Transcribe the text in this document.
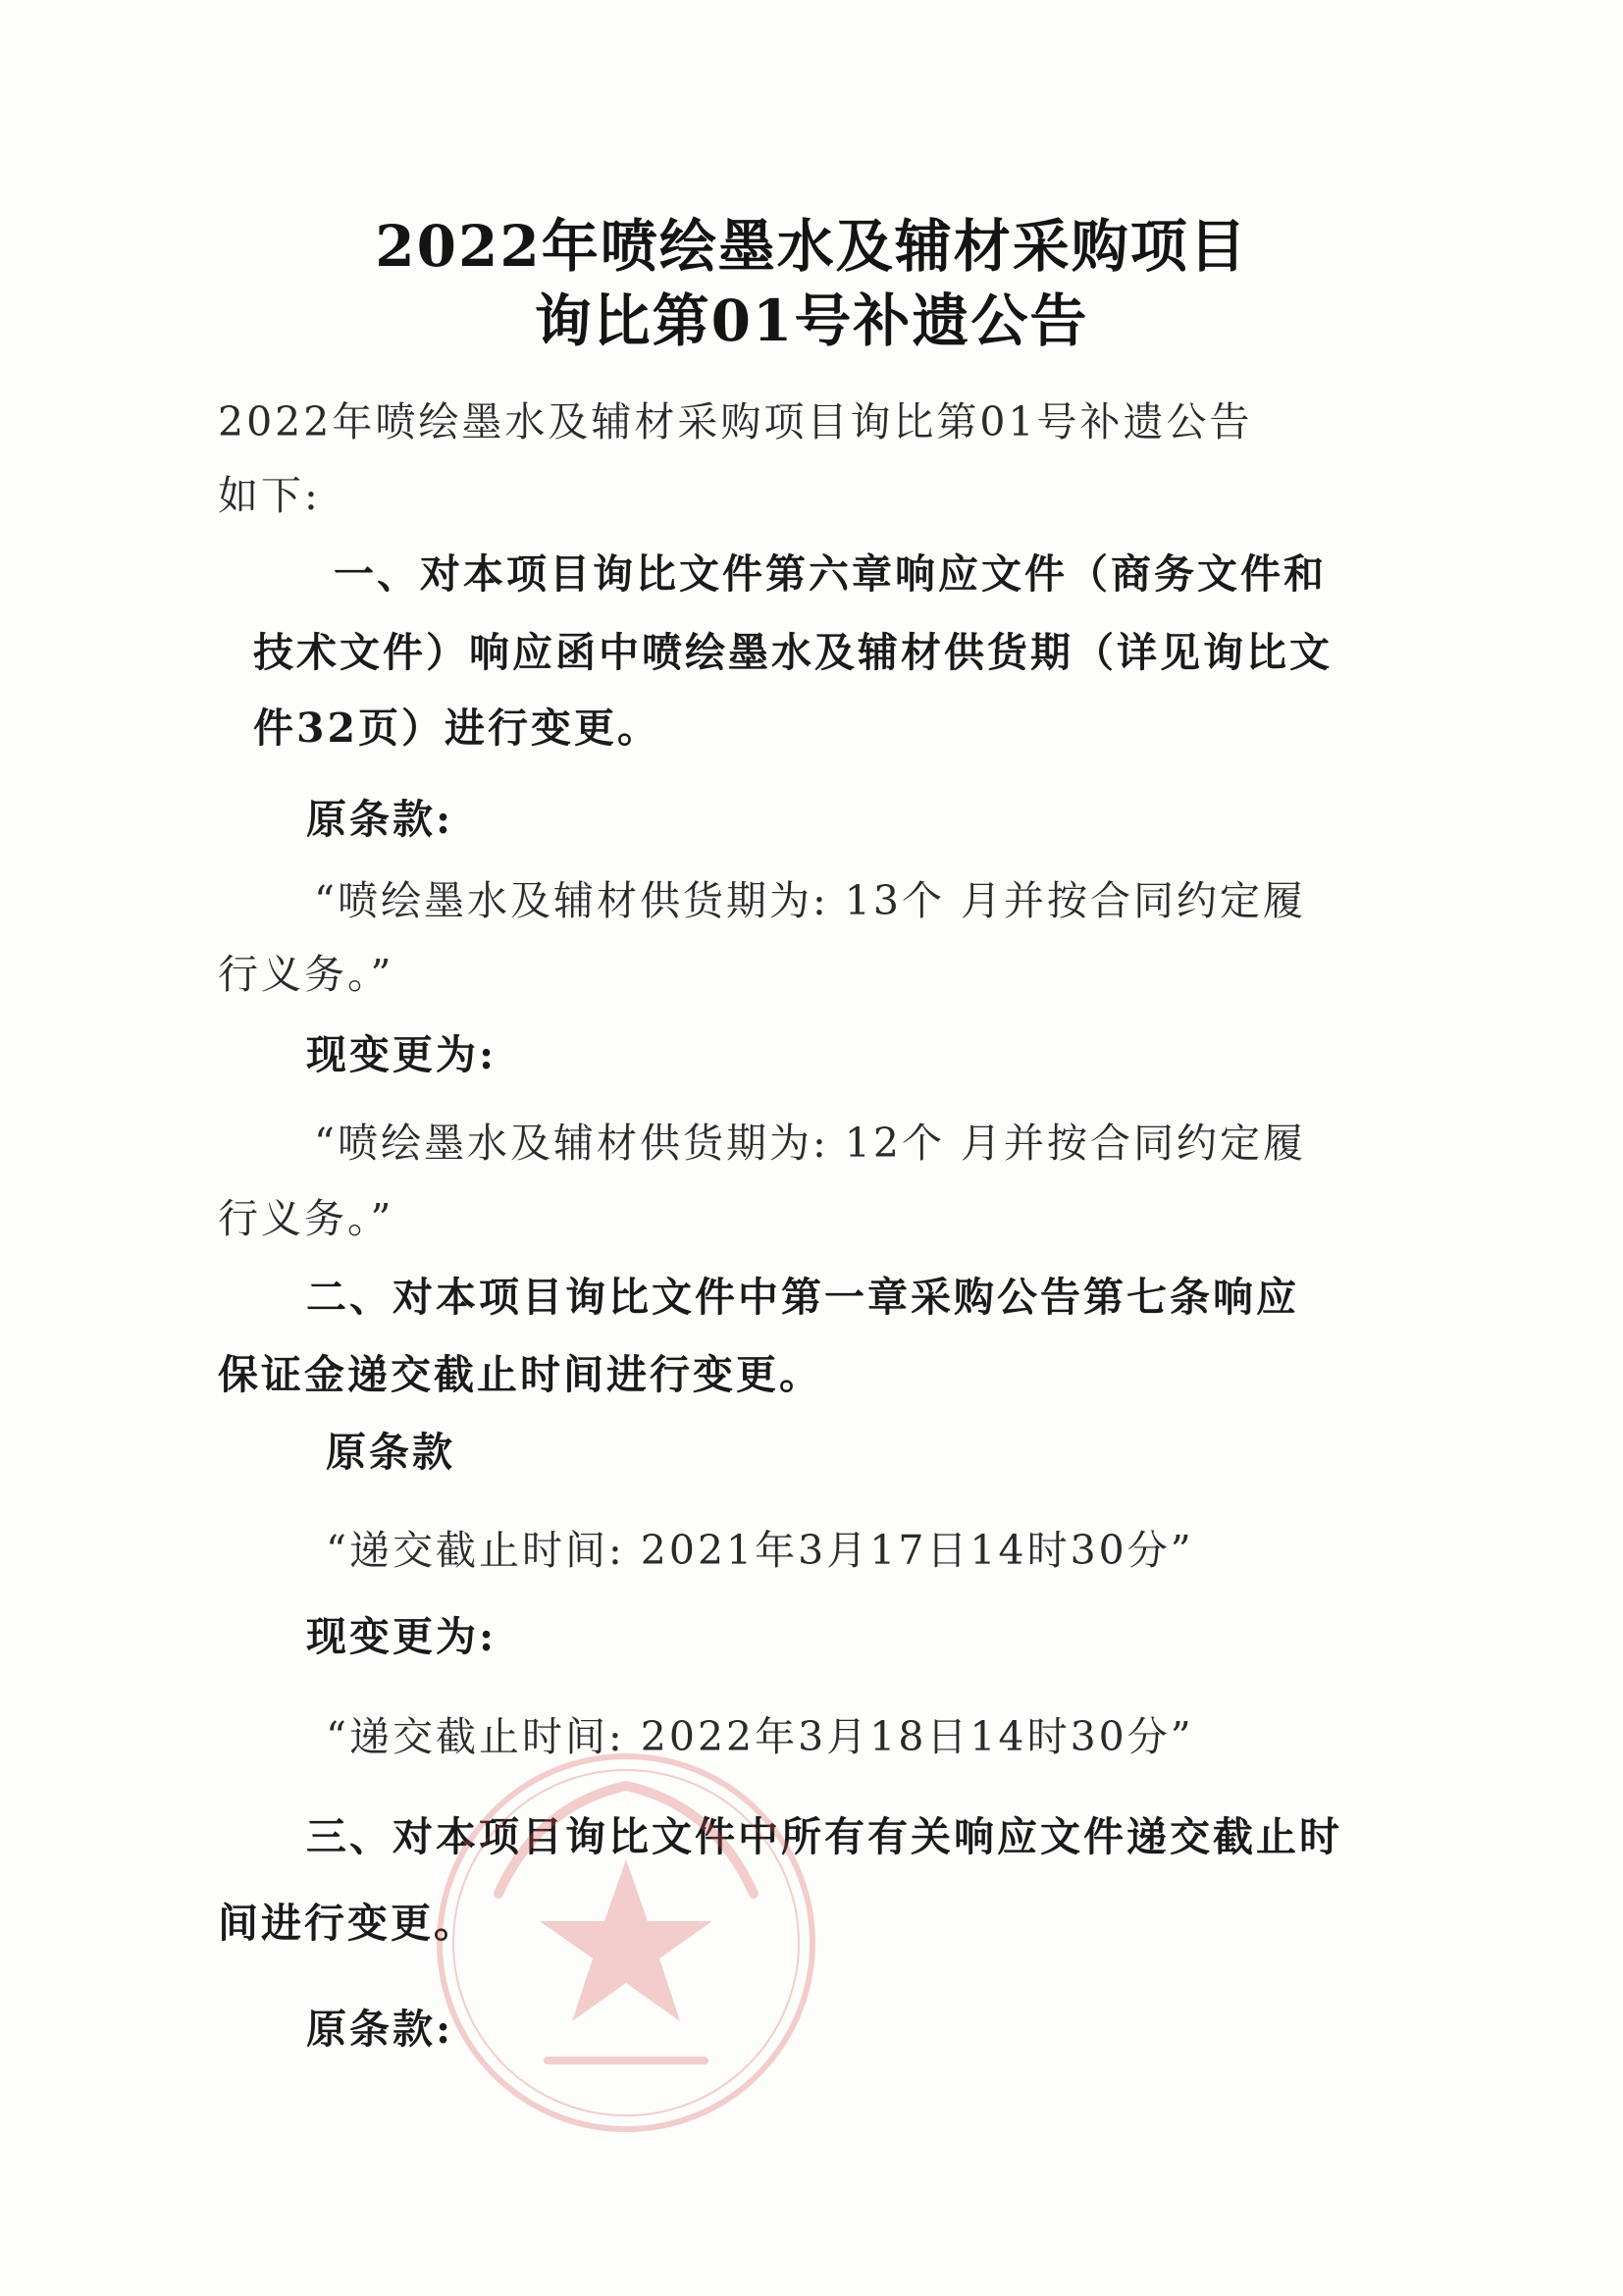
2022年喷绘墨水及辅材采购项目
询比第01号补遗公告
2022年喷绘墨水及辅材采购项目询比第01号补遗公告
如下:
一、对本项目询比文件第六章响应文件（商务文件和
技术文件）响应函中喷绘墨水及辅材供货期（详见询比文
件32页）进行变更。
原条款:
“喷绘墨水及辅材供货期为: 13个 月并按合同约定履
行义务。”
现变更为:
“喷绘墨水及辅材供货期为: 12个 月并按合同约定履
行义务。”
二、对本项目询比文件中第一章采购公告第七条响应
保证金递交截止时间进行变更。
原条款
“递交截止时间: 2021年3月17日14时30分”
现变更为:
“递交截止时间: 2022年3月18日14时30分”
三、对本项目询比文件中所有有关响应文件递交截止时
间进行变更。
原条款:
